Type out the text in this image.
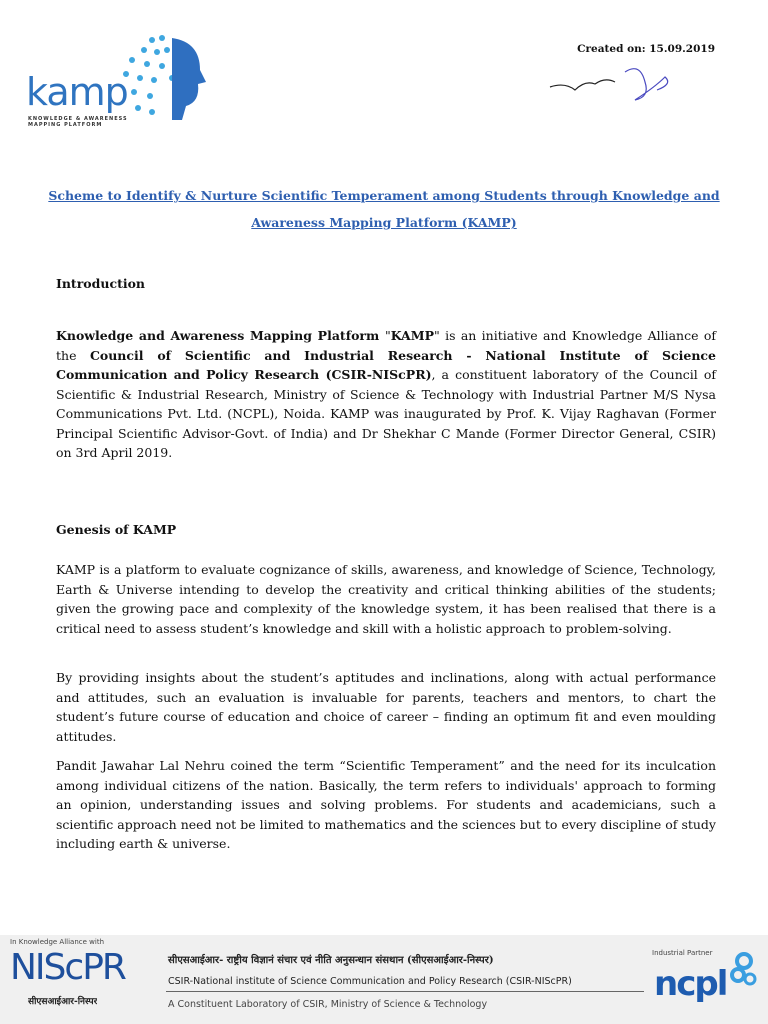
kamp
KNOWLEDGE & AWARENESS MAPPING PLATFORM
Created on: 15.09.2019
Scheme to Identify & Nurture Scientific Temperament among Students through Knowledge and Awareness Mapping Platform (KAMP)
Introduction
Knowledge and Awareness Mapping Platform "KAMP" is an initiative and Knowledge Alliance of the Council of Scientific and Industrial Research - National Institute of Science Communication and Policy Research (CSIR-NIScPR), a constituent laboratory of the Council of Scientific & Industrial Research, Ministry of Science & Technology with Industrial Partner M/S Nysa Communications Pvt. Ltd. (NCPL), Noida. KAMP was inaugurated by Prof. K. Vijay Raghavan (Former Principal Scientific Advisor-Govt. of India) and Dr Shekhar C Mande (Former Director General, CSIR) on 3rd April 2019.
Genesis of KAMP
KAMP is a platform to evaluate cognizance of skills, awareness, and knowledge of Science, Technology, Earth & Universe intending to develop the creativity and critical thinking abilities of the students; given the growing pace and complexity of the knowledge system, it has been realised that there is a critical need to assess student’s knowledge and skill with a holistic approach to problem-solving.
By providing insights about the student’s aptitudes and inclinations, along with actual performance and attitudes, such an evaluation is invaluable for parents, teachers and mentors, to chart the student’s future course of education and choice of career – finding an optimum fit and even moulding attitudes.
Pandit Jawahar Lal Nehru coined the term “Scientific Temperament” and the need for its inculcation among individual citizens of the nation. Basically, the term refers to individuals' approach to forming an opinion, understanding issues and solving problems. For students and academicians, such a scientific approach need not be limited to mathematics and the sciences but to every discipline of study including earth & universe.
In Knowledge Alliance with
NIScPR
सीएसआईआर-निस्पर
सीएसआईआर- राष्ट्रीय विज्ञानं संचार एवं नीति अनुसन्धान संसथान (सीएसआईआर-निस्पर)
CSIR-National institute of Science Communication and Policy Research (CSIR-NIScPR)
A Constituent Laboratory of CSIR, Ministry of Science & Technology
Industrial Partner
ncpl
